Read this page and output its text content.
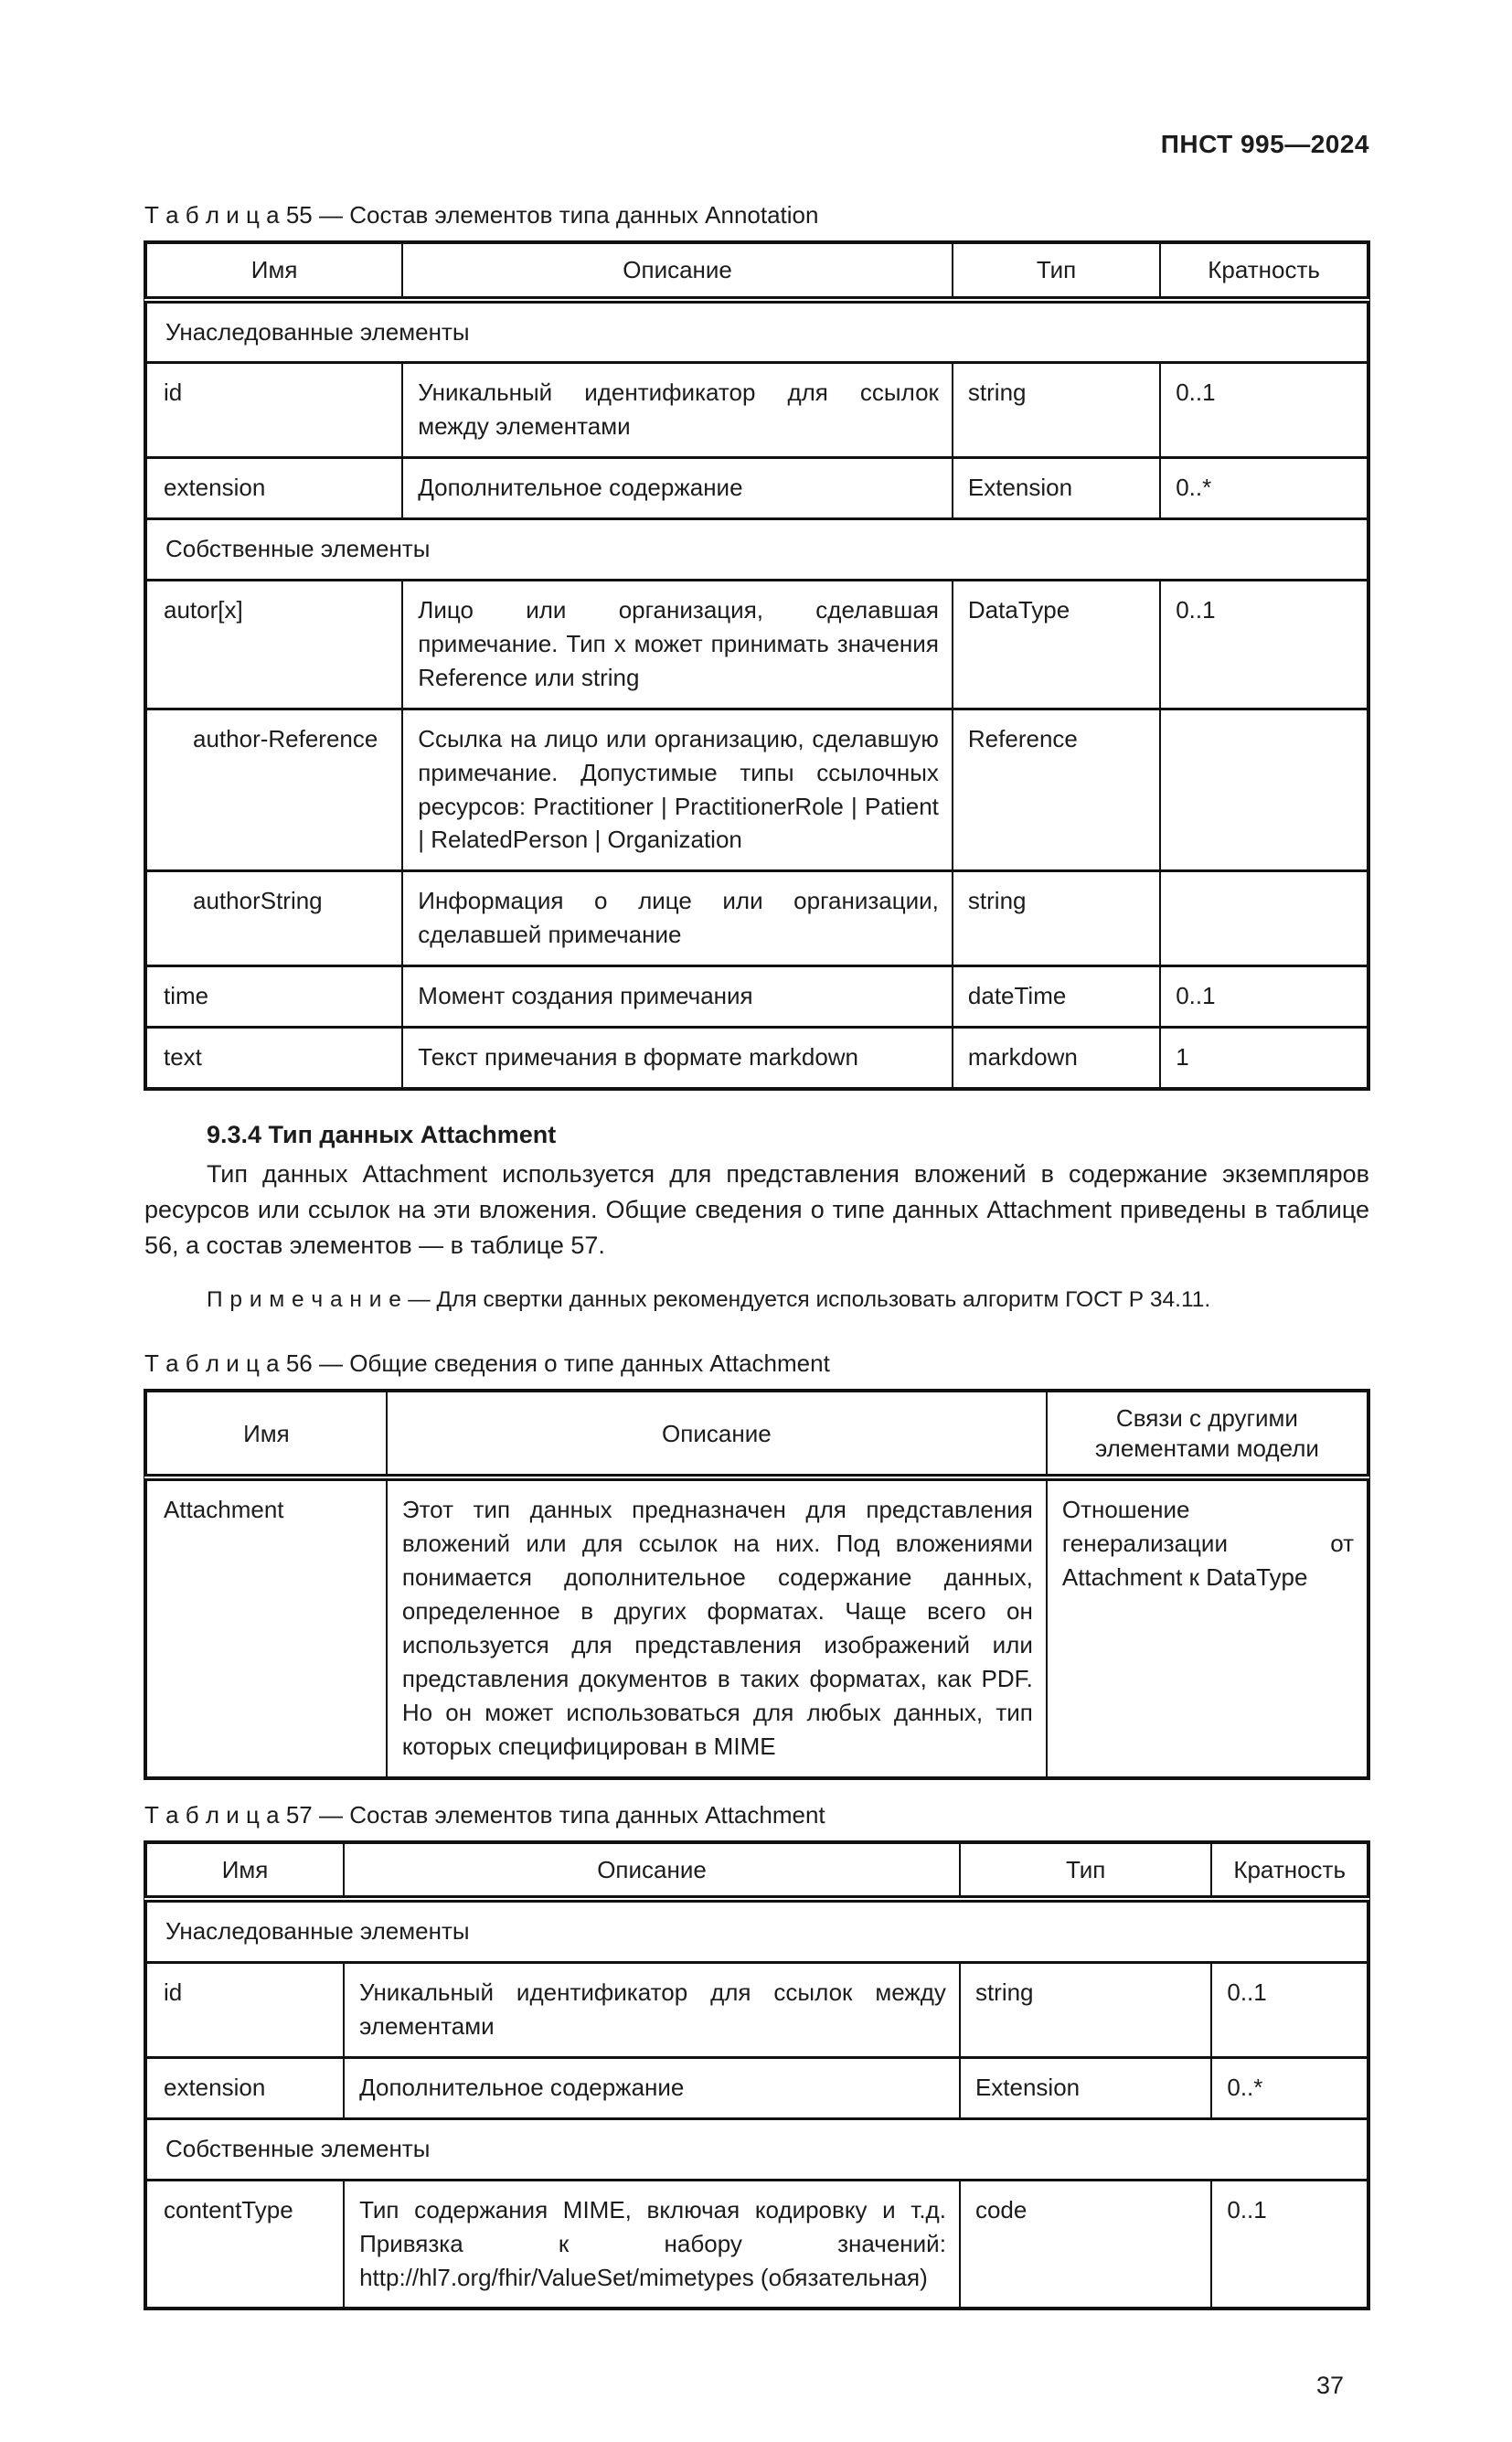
ПНСТ 995—2024
Т а б л и ц а 55 — Состав элементов типа данных Annotation
Имя	Описание	Тип	Кратность
Унаследованные элементы			
id	Уникальный идентификатор для ссылок между элементами	string	0..1
extension	Дополнительное содержание	Extension	0..*
Собственные элементы			
autor[x]	Лицо или организация, сделавшая примечание. Тип x может принимать значения Reference или string	DataType	0..1
author-Reference	Ссылка на лицо или организацию, сделавшую примечание. Допустимые типы ссылочных ресурсов: Practitioner | PractitionerRole | Patient | RelatedPerson | Organization	Reference	
authorString	Информация о лице или организации, сделавшей примечание	string	
time	Момент создания примечания	dateTime	0..1
text	Текст примечания в формате markdown	markdown	1
9.3.4 Тип данных Attachment
Тип данных Attachment используется для представления вложений в содержание экземпляров ресурсов или ссылок на эти вложения. Общие сведения о типе данных Attachment приведены в таблице 56, а состав элементов — в таблице 57.
П р и м е ч а н и е — Для свертки данных рекомендуется использовать алгоритм ГОСТ Р 34.11.
Т а б л и ц а 56 — Общие сведения о типе данных Attachment
Имя	Описание	Связи с другими элементами модели
Attachment	Этот тип данных предназначен для представления вложений или для ссылок на них. Под вложениями понимается дополнительное содержание данных, определенное в других форматах. Чаще всего он используется для представления изображений или представления документов в таких форматах, как PDF. Но он может использоваться для любых данных, тип которых специфицирован в MIME	Отношение генерализации от Attachment к DataType
Т а б л и ц а 57 — Состав элементов типа данных Attachment
Имя	Описание	Тип	Кратность
Унаследованные элементы			
id	Уникальный идентификатор для ссылок между элементами	string	0..1
extension	Дополнительное содержание	Extension	0..*
Собственные элементы			
contentType	Тип содержания MIME, включая кодировку и т.д. Привязка к набору значений: http://hl7.org/fhir/ValueSet/mimetypes (обязательная)	code	0..1
37
